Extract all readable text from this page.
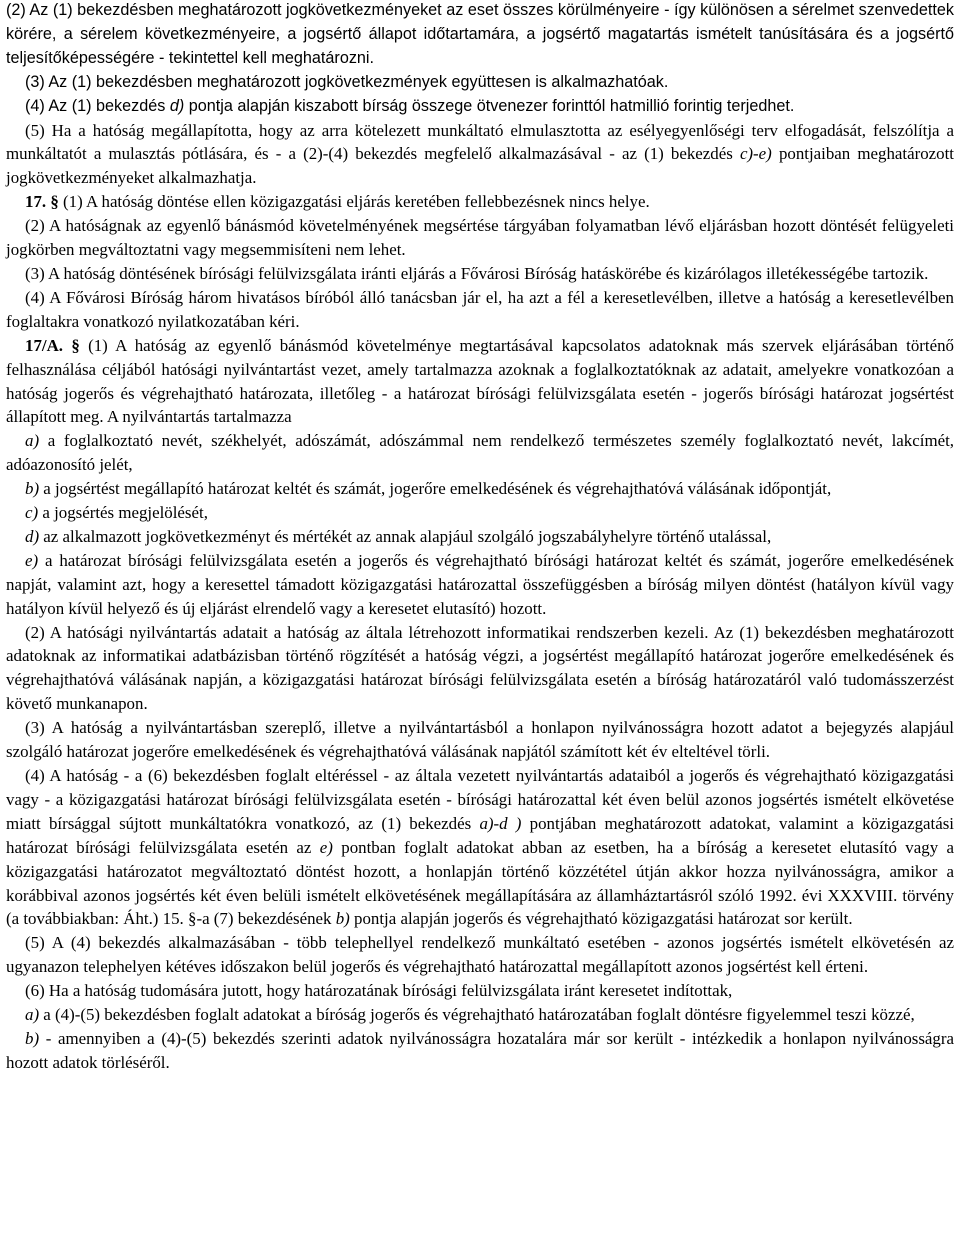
(2) Az (1) bekezdésben meghatározott jogkövetkezményeket az eset összes körülményeire - így különösen a sérelmet szenvedettek körére, a sérelem következményeire, a jogsértő állapot időtartamára, a jogsértő magatartás ismételt tanúsítására és a jogsértő teljesítőképességére - tekintettel kell meghatározni.

(3) Az (1) bekezdésben meghatározott jogkövetkezmények együttesen is alkalmazhatóak.

(4) Az (1) bekezdés d) pontja alapján kiszabott bírság összege ötvenezer forinttól hatmillió forintig terjedhet.

(5) Ha a hatóság megállapította, hogy az arra kötelezett munkáltató elmulasztotta az esélyegyenlőségi terv elfogadását, felszólítja a munkáltatót a mulasztás pótlására, és - a (2)-(4) bekezdés megfelelő alkalmazásával - az (1) bekezdés c)-e) pontjaiban meghatározott jogkövetkezményeket alkalmazhatja.

17. § (1) A hatóság döntése ellen közigazgatási eljárás keretében fellebbezésnek nincs helye.

(2) A hatóságnak az egyenlő bánásmód követelményének megsértése tárgyában folyamatban lévő eljárásban hozott döntését felügyeleti jogkörben megváltoztatni vagy megsemmisíteni nem lehet.

(3) A hatóság döntésének bírósági felülvizsgálata iránti eljárás a Fővárosi Bíróság hatáskörébe és kizárólagos illetékességébe tartozik.

(4) A Fővárosi Bíróság három hivatásos bíróból álló tanácsban jár el, ha azt a fél a keresetlevélben, illetve a hatóság a keresetlevélben foglaltakra vonatkozó nyilatkozatában kéri.

17/A. § (1) A hatóság az egyenlő bánásmód követelménye megtartásával kapcsolatos adatoknak más szervek eljárásában történő felhasználása céljából hatósági nyilvántartást vezet, amely tartalmazza azoknak a foglalkoztatóknak az adatait, amelyekre vonatkozóan a hatóság jogerős és végrehajtható határozata, illetőleg - a határozat bírósági felülvizsgálata esetén - jogerős bírósági határozat jogsértést állapított meg. A nyilvántartás tartalmazza

a) a foglalkoztató nevét, székhelyét, adószámát, adószámmal nem rendelkező természetes személy foglalkoztató nevét, lakcímét, adóazonosító jelét,

b) a jogsértést megállapító határozat keltét és számát, jogerőre emelkedésének és végrehajthatóvá válásának időpontját,

c) a jogsértés megjelölését,

d) az alkalmazott jogkövetkezményt és mértékét az annak alapjául szolgáló jogszabályhelyre történő utalással,

e) a határozat bírósági felülvizsgálata esetén a jogerős és végrehajtható bírósági határozat keltét és számát, jogerőre emelkedésének napját, valamint azt, hogy a keresettel támadott közigazgatási határozattal összefüggésben a bíróság milyen döntést (hatályon kívül vagy hatályon kívül helyező és új eljárást elrendelő vagy a keresetet elutasító) hozott.

(2) A hatósági nyilvántartás adatait a hatóság az általa létrehozott informatikai rendszerben kezeli. Az (1) bekezdésben meghatározott adatoknak az informatikai adatbázisban történő rögzítését a hatóság végzi, a jogsértést megállapító határozat jogerőre emelkedésének és végrehajthatóvá válásának napján, a közigazgatási határozat bírósági felülvizsgálata esetén a bíróság határozatáról való tudomásszerzést követő munkanapon.

(3) A hatóság a nyilvántartásban szereplő, illetve a nyilvántartásból a honlapon nyilvánosságra hozott adatot a bejegyzés alapjául szolgáló határozat jogerőre emelkedésének és végrehajthatóvá válásának napjától számított két év elteltével törli.

(4) A hatóság - a (6) bekezdésben foglalt eltéréssel - az általa vezetett nyilvántartás adataiból a jogerős és végrehajtható közigazgatási vagy - a közigazgatási határozat bírósági felülvizsgálata esetén - bírósági határozattal két éven belül azonos jogsértés ismételt elkövetése miatt bírsággal sújtott munkáltatókra vonatkozó, az (1) bekezdés a)-d ) pontjában meghatározott adatokat, valamint a közigazgatási határozat bírósági felülvizsgálata esetén az e) pontban foglalt adatokat abban az esetben, ha a bíróság a keresetet elutasító vagy a közigazgatási határozatot megváltoztató döntést hozott, a honlapján történő közzététel útján akkor hozza nyilvánosságra, amikor a korábbival azonos jogsértés két éven belüli ismételt elkövetésének megállapítására az államháztartásról szóló 1992. évi XXXVIII. törvény (a továbbiakban: Áht.) 15. §-a (7) bekezdésének b) pontja alapján jogerős és végrehajtható közigazgatási határozat sor került.

(5) A (4) bekezdés alkalmazásában - több telephellyel rendelkező munkáltató esetében - azonos jogsértés ismételt elkövetésén az ugyanazon telephelyen kétéves időszakon belül jogerős és végrehajtható határozattal megállapított azonos jogsértést kell érteni.

(6) Ha a hatóság tudomására jutott, hogy határozatának bírósági felülvizsgálata iránt keresetet indítottak,

a) a (4)-(5) bekezdésben foglalt adatokat a bíróság jogerős és végrehajtható határozatában foglalt döntésre figyelemmel teszi közzé,

b) - amennyiben a (4)-(5) bekezdés szerinti adatok nyilvánosságra hozatalára már sor került - intézkedik a honlapon nyilvánosságra hozott adatok törléséről.
